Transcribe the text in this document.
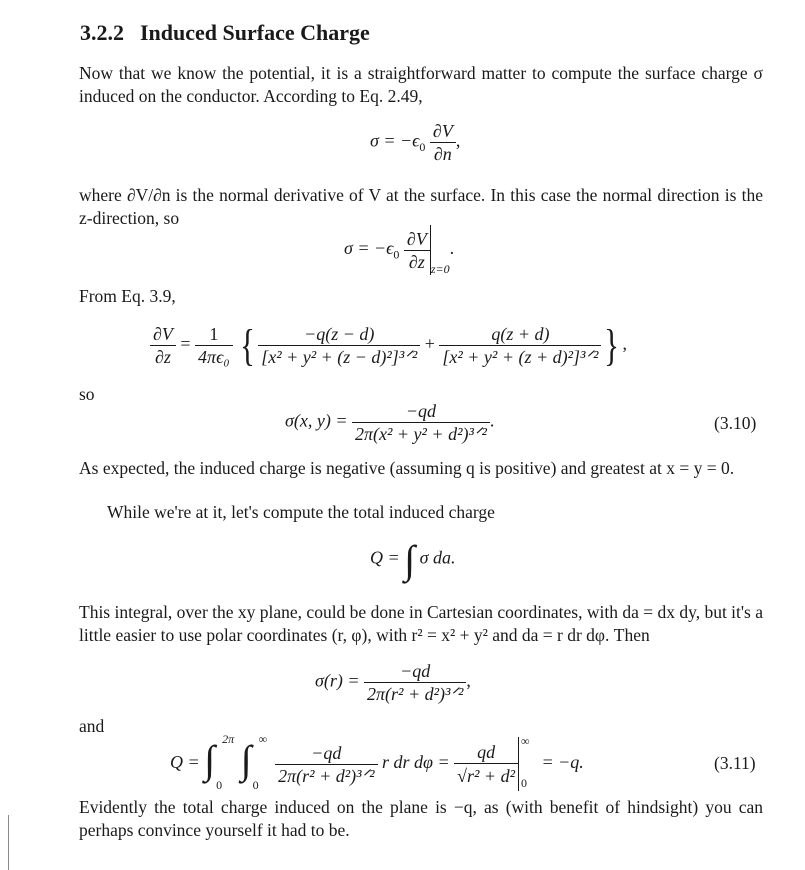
3.2.2 Induced Surface Charge
Now that we know the potential, it is a straightforward matter to compute the surface charge σ induced on the conductor. According to Eq. 2.49,
$\sigma = -\epsilon_0 \frac{\partial V}{\partial n}$ ,
where ∂V/∂n is the normal derivative of V at the surface. In this case the normal direction is the z-direction, so
$\sigma = -\epsilon_0 \frac{\partial V}{\partial z} _{z=0}$.
From Eq. 3.9,
$\frac{\partial V}{\partial z} = \frac{1}{\text{4πϵ₀}}$ { $\frac{-q(z - d)}{\text{[x² + y² + (z − d)²]³ᐟ²}} + \frac{q(z + d)}{\text{[x² + y² + (z + d)²]³ᐟ²}}$ } ,
so
σ(x, $y) = \frac{-qd}{\text{2π(x² + y² + d²)³ᐟ²}}$ .	(3.10)
As expected, the induced charge is negative (assuming q is positive) and greatest at x = y = 0.
While we're at it, let's compute the total induced charge
Q = ∫ σ da.
This integral, over the xy plane, could be done in Cartesian coordinates, with da = dx dy, but it's a little easier to use polar coordinates (r, φ), with r² = x² + y² and da = r dr dφ. Then
$\sigma(r) = \frac{-qd}{\text{2π(r² + d²)³ᐟ²}}$ ,
and
Q = ∫ 2π
0

∫ ∞
0
$\frac{-qd}{\text{2π(r² + d²)³ᐟ²}}$ r dr $d\varphi = \frac{qd}{\text{√r² + d²}}$ ∞
0
= −q.	(3.11)
Evidently the total charge induced on the plane is −q, as (with benefit of hindsight) you can perhaps convince yourself it had to be.
